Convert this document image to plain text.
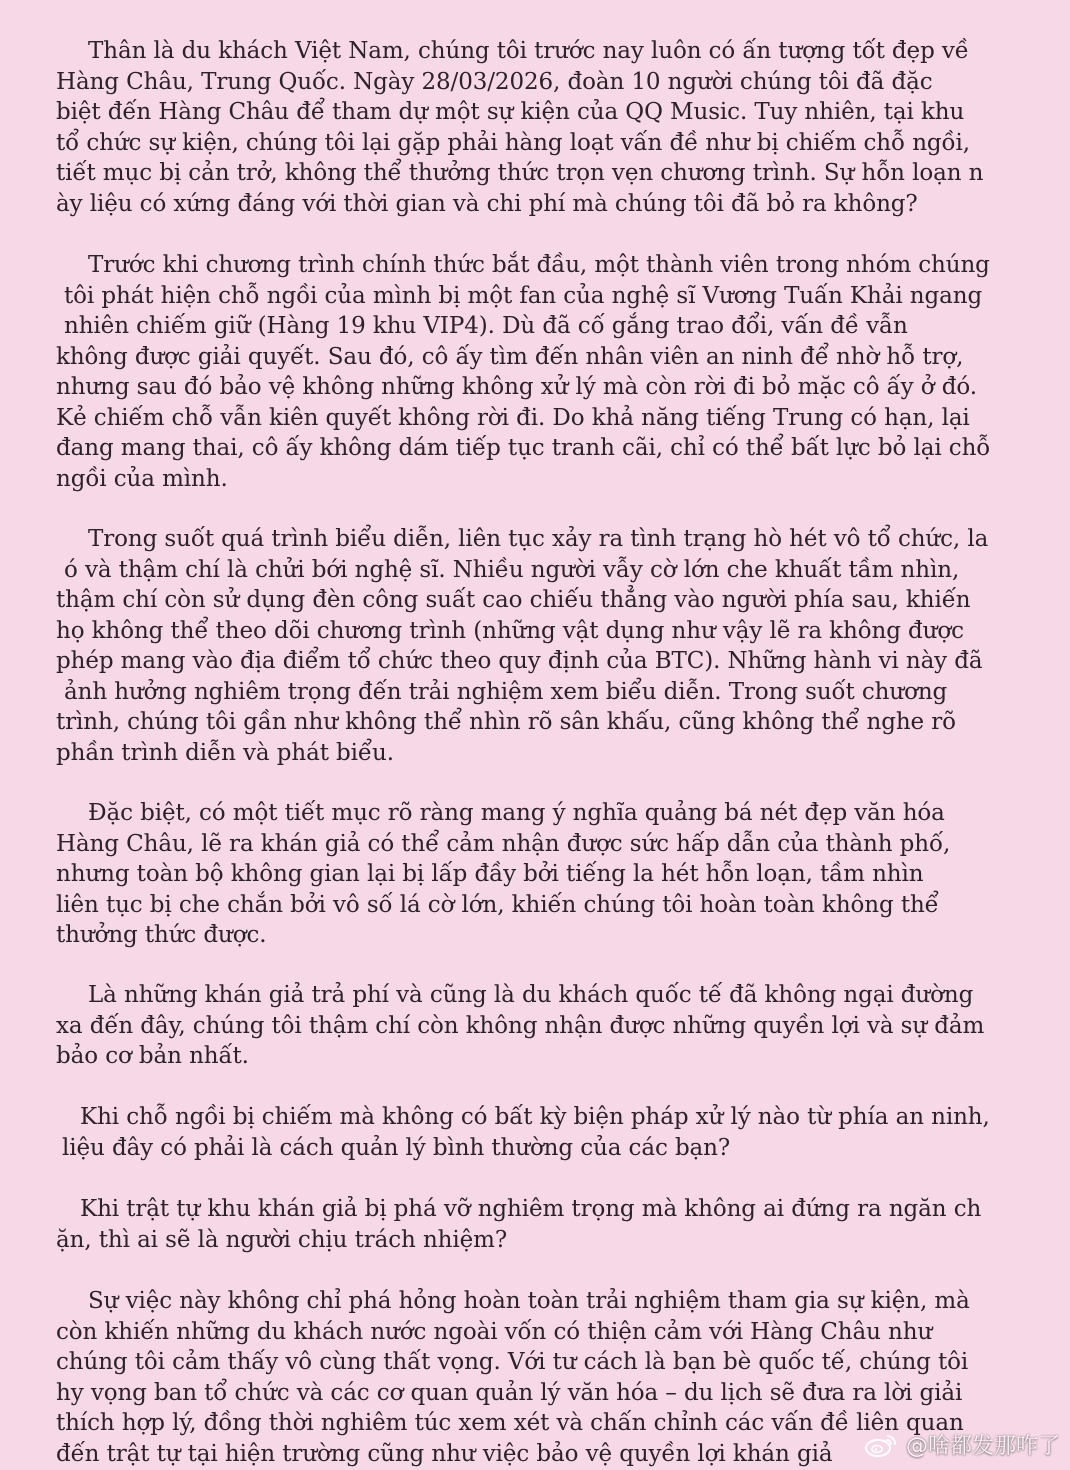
Thân là du khách Việt Nam, chúng tôi trước nay luôn có ấn tượng tốt đẹp về
Hàng Châu, Trung Quốc. Ngày 28/03/2026, đoàn 10 người chúng tôi đã đặc
biệt đến Hàng Châu để tham dự một sự kiện của QQ Music. Tuy nhiên, tại khu
tổ chức sự kiện, chúng tôi lại gặp phải hàng loạt vấn đề như bị chiếm chỗ ngồi,
tiết mục bị cản trở, không thể thưởng thức trọn vẹn chương trình. Sự hỗn loạn n
ày liệu có xứng đáng với thời gian và chi phí mà chúng tôi đã bỏ ra không?
Trước khi chương trình chính thức bắt đầu, một thành viên trong nhóm chúng
tôi phát hiện chỗ ngồi của mình bị một fan của nghệ sĩ Vương Tuấn Khải ngang
nhiên chiếm giữ (Hàng 19 khu VIP4). Dù đã cố gắng trao đổi, vấn đề vẫn
không được giải quyết. Sau đó, cô ấy tìm đến nhân viên an ninh để nhờ hỗ trợ,
nhưng sau đó bảo vệ không những không xử lý mà còn rời đi bỏ mặc cô ấy ở đó.
Kẻ chiếm chỗ vẫn kiên quyết không rời đi. Do khả năng tiếng Trung có hạn, lại
đang mang thai, cô ấy không dám tiếp tục tranh cãi, chỉ có thể bất lực bỏ lại chỗ
ngồi của mình.
Trong suốt quá trình biểu diễn, liên tục xảy ra tình trạng hò hét vô tổ chức, la
ó và thậm chí là chửi bới nghệ sĩ. Nhiều người vẫy cờ lớn che khuất tầm nhìn,
thậm chí còn sử dụng đèn công suất cao chiếu thẳng vào người phía sau, khiến
họ không thể theo dõi chương trình (những vật dụng như vậy lẽ ra không được
phép mang vào địa điểm tổ chức theo quy định của BTC). Những hành vi này đã
ảnh hưởng nghiêm trọng đến trải nghiệm xem biểu diễn. Trong suốt chương
trình, chúng tôi gần như không thể nhìn rõ sân khấu, cũng không thể nghe rõ
phần trình diễn và phát biểu.
Đặc biệt, có một tiết mục rõ ràng mang ý nghĩa quảng bá nét đẹp văn hóa
Hàng Châu, lẽ ra khán giả có thể cảm nhận được sức hấp dẫn của thành phố,
nhưng toàn bộ không gian lại bị lấp đầy bởi tiếng la hét hỗn loạn, tầm nhìn
liên tục bị che chắn bởi vô số lá cờ lớn, khiến chúng tôi hoàn toàn không thể
thưởng thức được.
Là những khán giả trả phí và cũng là du khách quốc tế đã không ngại đường
xa đến đây, chúng tôi thậm chí còn không nhận được những quyền lợi và sự đảm
bảo cơ bản nhất.
Khi chỗ ngồi bị chiếm mà không có bất kỳ biện pháp xử lý nào từ phía an ninh,
liệu đây có phải là cách quản lý bình thường của các bạn?
Khi trật tự khu khán giả bị phá vỡ nghiêm trọng mà không ai đứng ra ngăn ch
ặn, thì ai sẽ là người chịu trách nhiệm?
Sự việc này không chỉ phá hỏng hoàn toàn trải nghiệm tham gia sự kiện, mà
còn khiến những du khách nước ngoài vốn có thiện cảm với Hàng Châu như
chúng tôi cảm thấy vô cùng thất vọng. Với tư cách là bạn bè quốc tế, chúng tôi
hy vọng ban tổ chức và các cơ quan quản lý văn hóa – du lịch sẽ đưa ra lời giải
thích hợp lý, đồng thời nghiêm túc xem xét và chấn chỉnh các vấn đề liên quan
đến trật tự tại hiện trường cũng như việc bảo vệ quyền lợi khán giả	@啥都发那咋了
